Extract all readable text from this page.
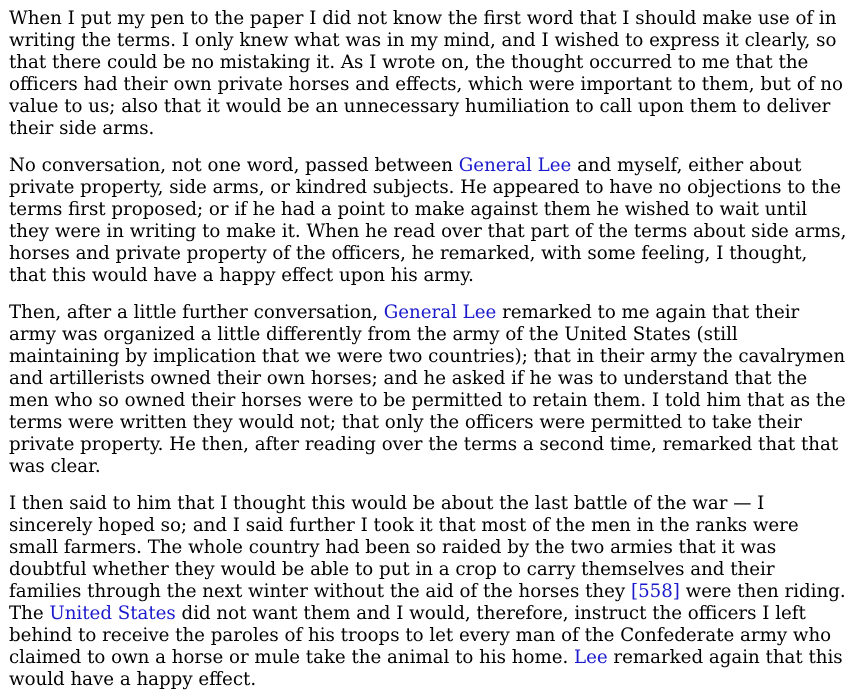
When I put my pen to the paper I did not know the first word that I should make use of in writing the terms. I only knew what was in my mind, and I wished to express it clearly, so that there could be no mistaking it. As I wrote on, the thought occurred to me that the officers had their own private horses and effects, which were important to them, but of no value to us; also that it would be an unnecessary humiliation to call upon them to deliver their side arms.

No conversation, not one word, passed between General Lee and myself, either about private property, side arms, or kindred subjects. He appeared to have no objections to the terms first proposed; or if he had a point to make against them he wished to wait until they were in writing to make it. When he read over that part of the terms about side arms, horses and private property of the officers, he remarked, with some feeling, I thought, that this would have a happy effect upon his army.

Then, after a little further conversation, General Lee remarked to me again that their army was organized a little differently from the army of the United States (still maintaining by implication that we were two countries); that in their army the cavalrymen and artillerists owned their own horses; and he asked if he was to understand that the men who so owned their horses were to be permitted to retain them. I told him that as the terms were written they would not; that only the officers were permitted to take their private property. He then, after reading over the terms a second time, remarked that that was clear.

I then said to him that I thought this would be about the last battle of the war — I sincerely hoped so; and I said further I took it that most of the men in the ranks were small farmers. The whole country had been so raided by the two armies that it was doubtful whether they would be able to put in a crop to carry themselves and their families through the next winter without the aid of the horses they [558] were then riding. The United States did not want them and I would, therefore, instruct the officers I left behind to receive the paroles of his troops to let every man of the Confederate army who claimed to own a horse or mule take the animal to his home. Lee remarked again that this would have a happy effect.
